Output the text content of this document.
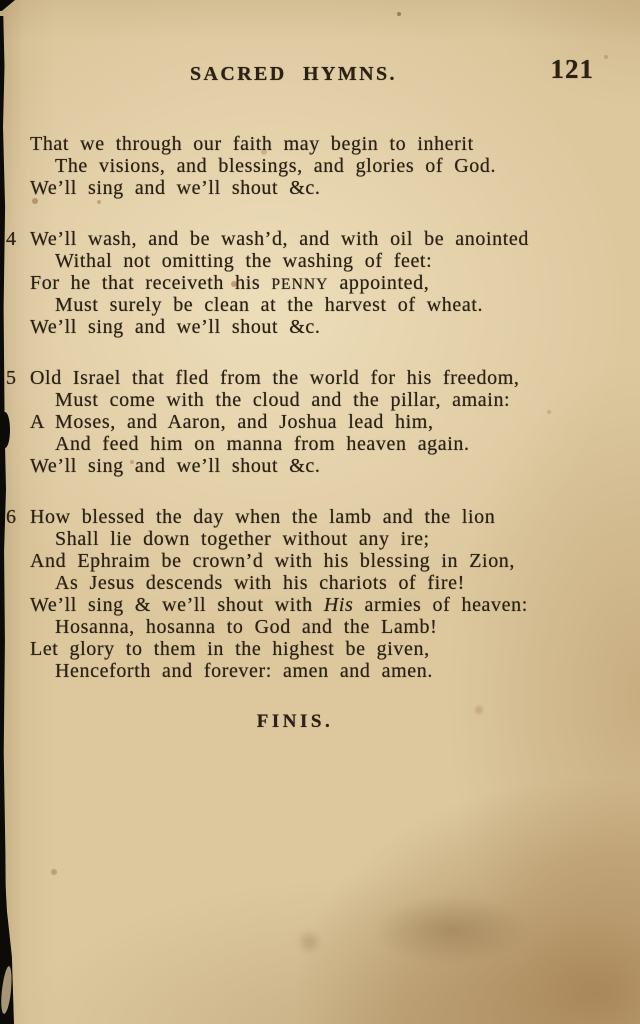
SACRED HYMNS.	121
That we through our faith may begin to inherit
The visions, and blessings, and glories of God.
We’ll sing and we’ll shout &c.
4 We’ll wash, and be wash’d, and with oil be anointed
Withal not omitting the washing of feet:
For he that receiveth his PENNY appointed,
Must surely be clean at the harvest of wheat.
We’ll sing and we’ll shout &c.
5 Old Israel that fled from the world for his freedom,
Must come with the cloud and the pillar, amain:
A Moses, and Aaron, and Joshua lead him,
And feed him on manna from heaven again.
We’ll sing and we’ll shout &c.
6 How blessed the day when the lamb and the lion
Shall lie down together without any ire;
And Ephraim be crown’d with his blessing in Zion,
As Jesus descends with his chariots of fire!
We’ll sing & we’ll shout with His armies of heaven:
Hosanna, hosanna to God and the Lamb!
Let glory to them in the highest be given,
Henceforth and forever: amen and amen.
FINIS.
